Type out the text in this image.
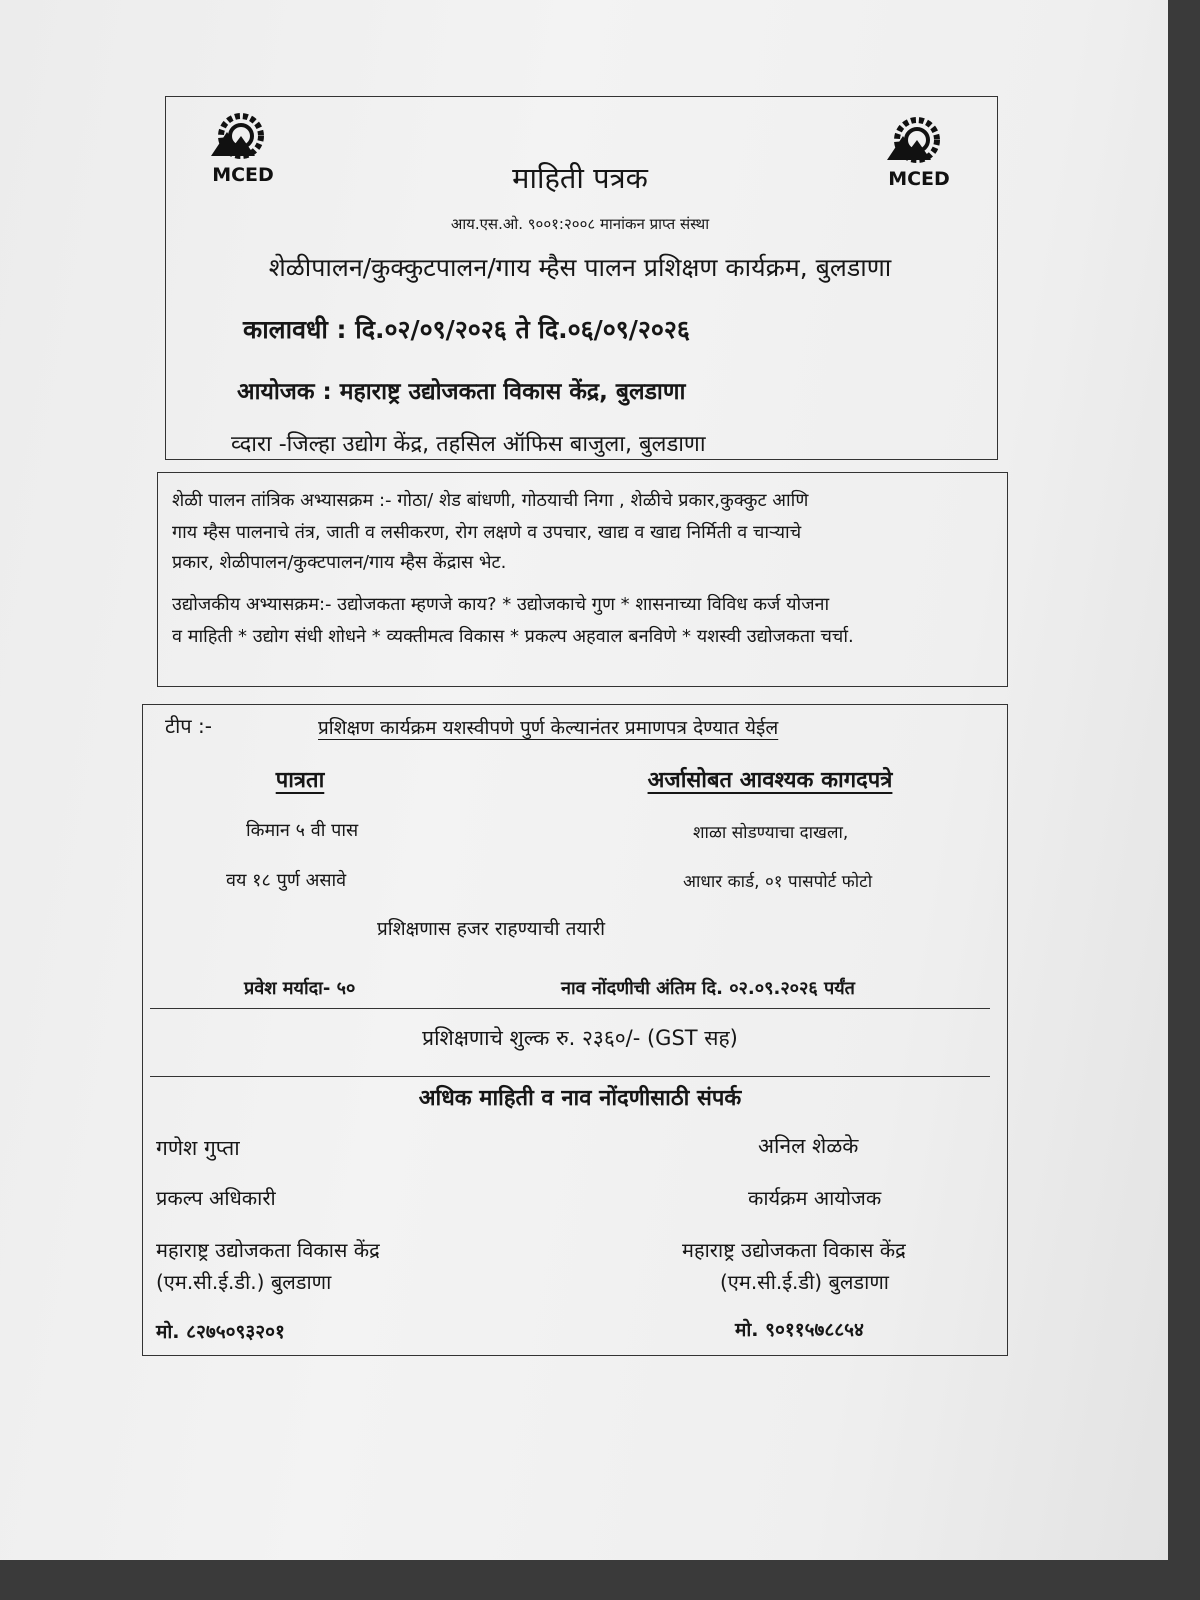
MCED	MCED
माहिती पत्रक
आय.एस.ओ. ९००१:२००८ मानांकन प्राप्त संस्था
शेळीपालन/कुक्कुटपालन/गाय म्हैस पालन प्रशिक्षण कार्यक्रम, बुलडाणा
कालावधी : दि.०२/०९/२०२६ ते दि.०६/०९/२०२६
आयोजक : महाराष्ट्र उद्योजकता विकास केंद्र, बुलडाणा
व्दारा -जिल्हा उद्योग केंद्र, तहसिल ऑफिस बाजुला, बुलडाणा
शेळी पालन तांत्रिक अभ्यासक्रम :- गोठा/ शेड बांधणी, गोठयाची निगा , शेळीचे प्रकार,कुक्कुट आणि
गाय म्हैस पालनाचे तंत्र, जाती व लसीकरण, रोग लक्षणे व उपचार, खाद्य व खाद्य निर्मिती व चाऱ्याचे
प्रकार, शेळीपालन/कुक्टपालन/गाय म्हैस केंद्रास भेट.
उद्योजकीय अभ्यासक्रम:- उद्योजकता म्हणजे काय? * उद्योजकाचे गुण * शासनाच्या विविध कर्ज योजना
व माहिती * उद्योग संधी शोधने * व्यक्तीमत्व विकास * प्रकल्प अहवाल बनविणे * यशस्वी उद्योजकता चर्चा.
टीप :-	प्रशिक्षण कार्यक्रम यशस्वीपणे पुर्ण केल्यानंतर प्रमाणपत्र देण्यात येईल
पात्रता	अर्जासोबत आवश्यक कागदपत्रे
किमान ५ वी पास	शाळा सोडण्याचा दाखला,
वय १८ पुर्ण असावे	आधार कार्ड, ०१ पासपोर्ट फोटो
प्रशिक्षणास हजर राहण्याची तयारी
प्रवेश मर्यादा- ५०	नाव नोंदणीची अंतिम दि. ०२.०९.२०२६ पर्यंत
प्रशिक्षणाचे शुल्क रु. २३६०/- (GST सह)
अधिक माहिती व नाव नोंदणीसाठी संपर्क
गणेश गुप्ता	अनिल शेळके
प्रकल्प अधिकारी	कार्यक्रम आयोजक
महाराष्ट्र उद्योजकता विकास केंद्र	महाराष्ट्र उद्योजकता विकास केंद्र
(एम.सी.ई.डी.) बुलडाणा	(एम.सी.ई.डी) बुलडाणा
मो. ८२७५०९३२०१	मो. ९०११५७८८५४
